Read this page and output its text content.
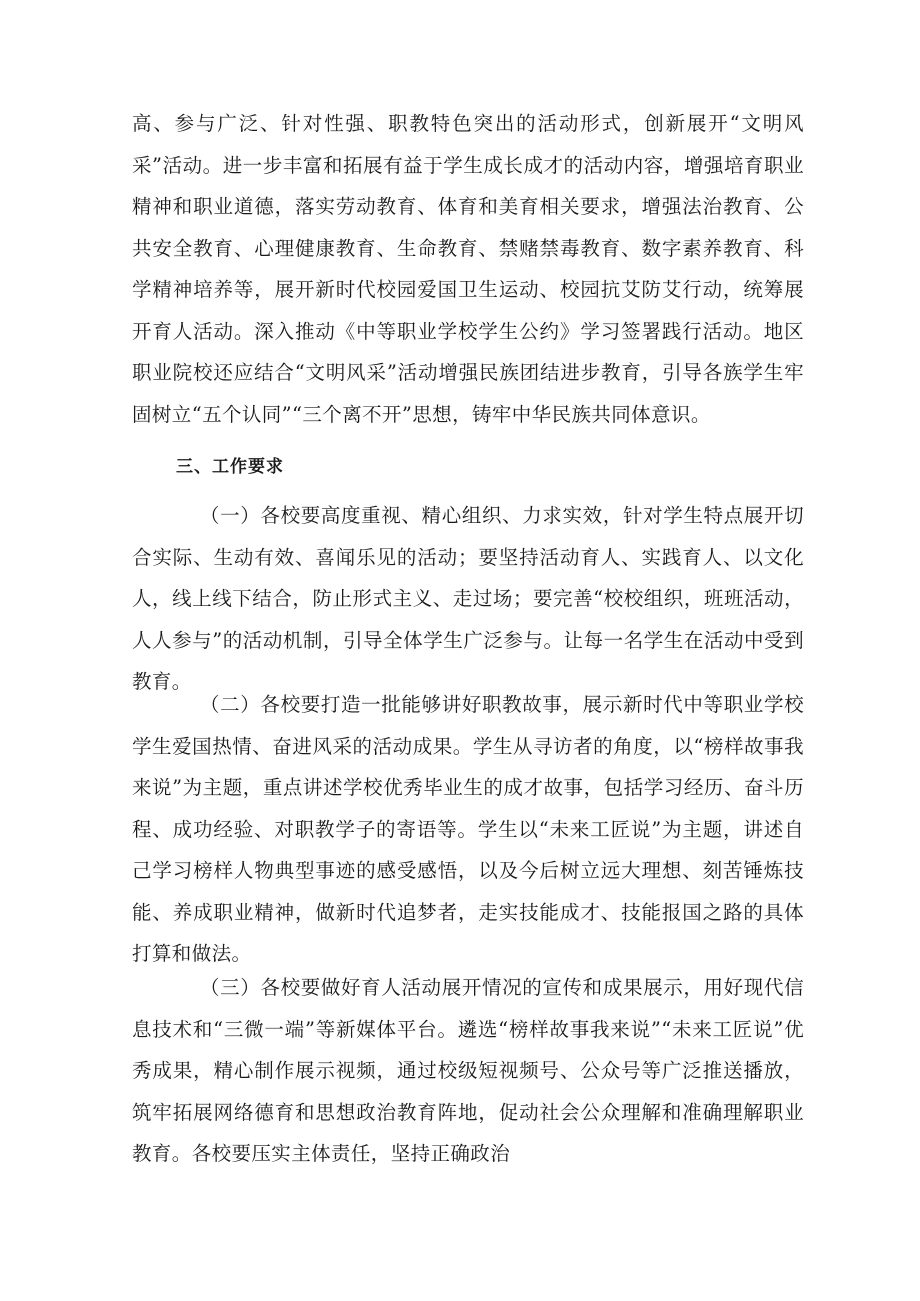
高、参与广泛、针对性强、职教特色突出的活动形式，创新展开“文明风采”活动。进一步丰富和拓展有益于学生成长成才的活动内容，增强培育职业精神和职业道德，落实劳动教育、体育和美育相关要求，增强法治教育、公共安全教育、心理健康教育、生命教育、禁赌禁毒教育、数字素养教育、科学精神培养等，展开新时代校园爱国卫生运动、校园抗艾防艾行动，统筹展开育人活动。深入推动《中等职业学校学生公约》学习签署践行活动。地区职业院校还应结合“文明风采”活动增强民族团结进步教育，引导各族学生牢固树立“五个认同”“三个离不开”思想，铸牢中华民族共同体意识。

三、工作要求

（一）各校要高度重视、精心组织、力求实效，针对学生特点展开切合实际、生动有效、喜闻乐见的活动；要坚持活动育人、实践育人、以文化人，线上线下结合，防止形式主义、走过场；要完善“校校组织，班班活动，人人参与”的活动机制，引导全体学生广泛参与。让每一名学生在活动中受到教育。

（二）各校要打造一批能够讲好职教故事，展示新时代中等职业学校学生爱国热情、奋进风采的活动成果。学生从寻访者的角度，以“榜样故事我来说”为主题，重点讲述学校优秀毕业生的成才故事，包括学习经历、奋斗历程、成功经验、对职教学子的寄语等。学生以“未来工匠说”为主题，讲述自己学习榜样人物典型事迹的感受感悟，以及今后树立远大理想、刻苦锤炼技能、养成职业精神，做新时代追梦者，走实技能成才、技能报国之路的具体打算和做法。

（三）各校要做好育人活动展开情况的宣传和成果展示，用好现代信息技术和“三微一端”等新媒体平台。遴选“榜样故事我来说”“未来工匠说”优秀成果，精心制作展示视频，通过校级短视频号、公众号等广泛推送播放，筑牢拓展网络德育和思想政治教育阵地，促动社会公众理解和准确理解职业教育。各校要压实主体责任，坚持正确政治
